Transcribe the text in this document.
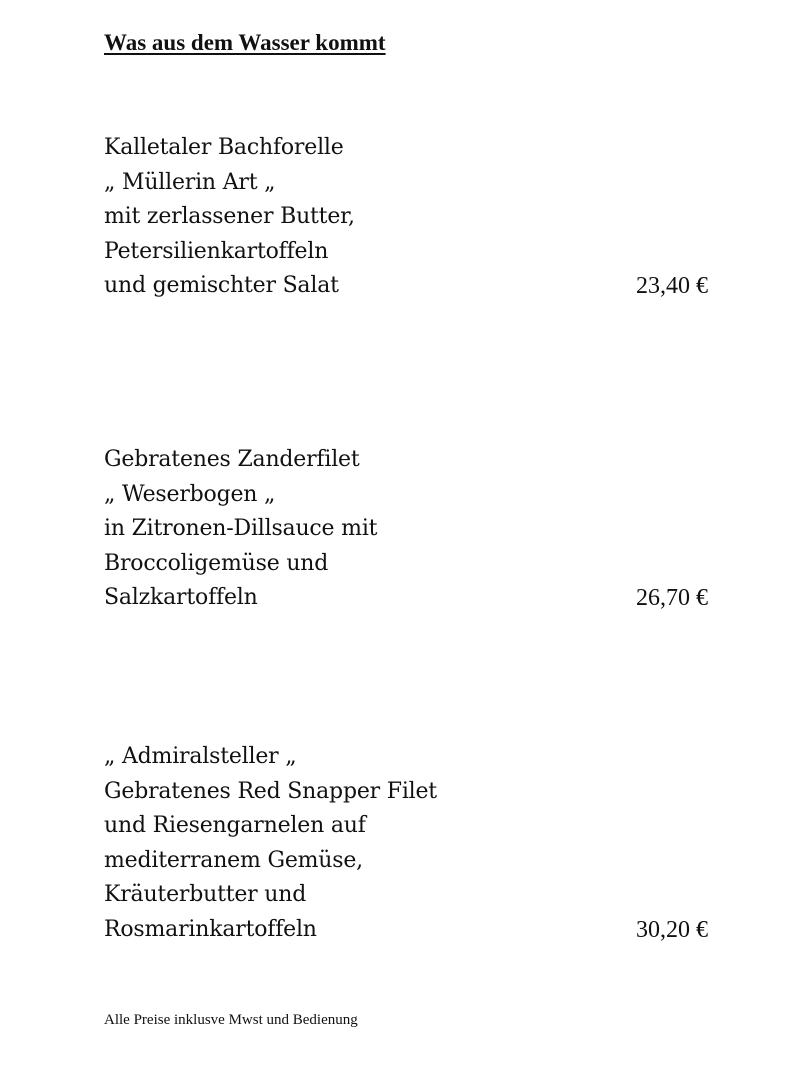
Was aus dem Wasser kommt
Kalletaler Bachforelle
„ Müllerin Art „
mit zerlassener Butter,
Petersilienkartoffeln
und gemischter Salat	23,40 €
Gebratenes Zanderfilet
„ Weserbogen „
in Zitronen-Dillsauce mit
Broccoligemüse und
Salzkartoffeln	26,70 €
„ Admiralsteller „
Gebratenes Red Snapper Filet
und Riesengarnelen auf
mediterranem Gemüse,
Kräuterbutter und
Rosmarinkartoffeln	30,20 €
Alle Preise inklusve Mwst und Bedienung
